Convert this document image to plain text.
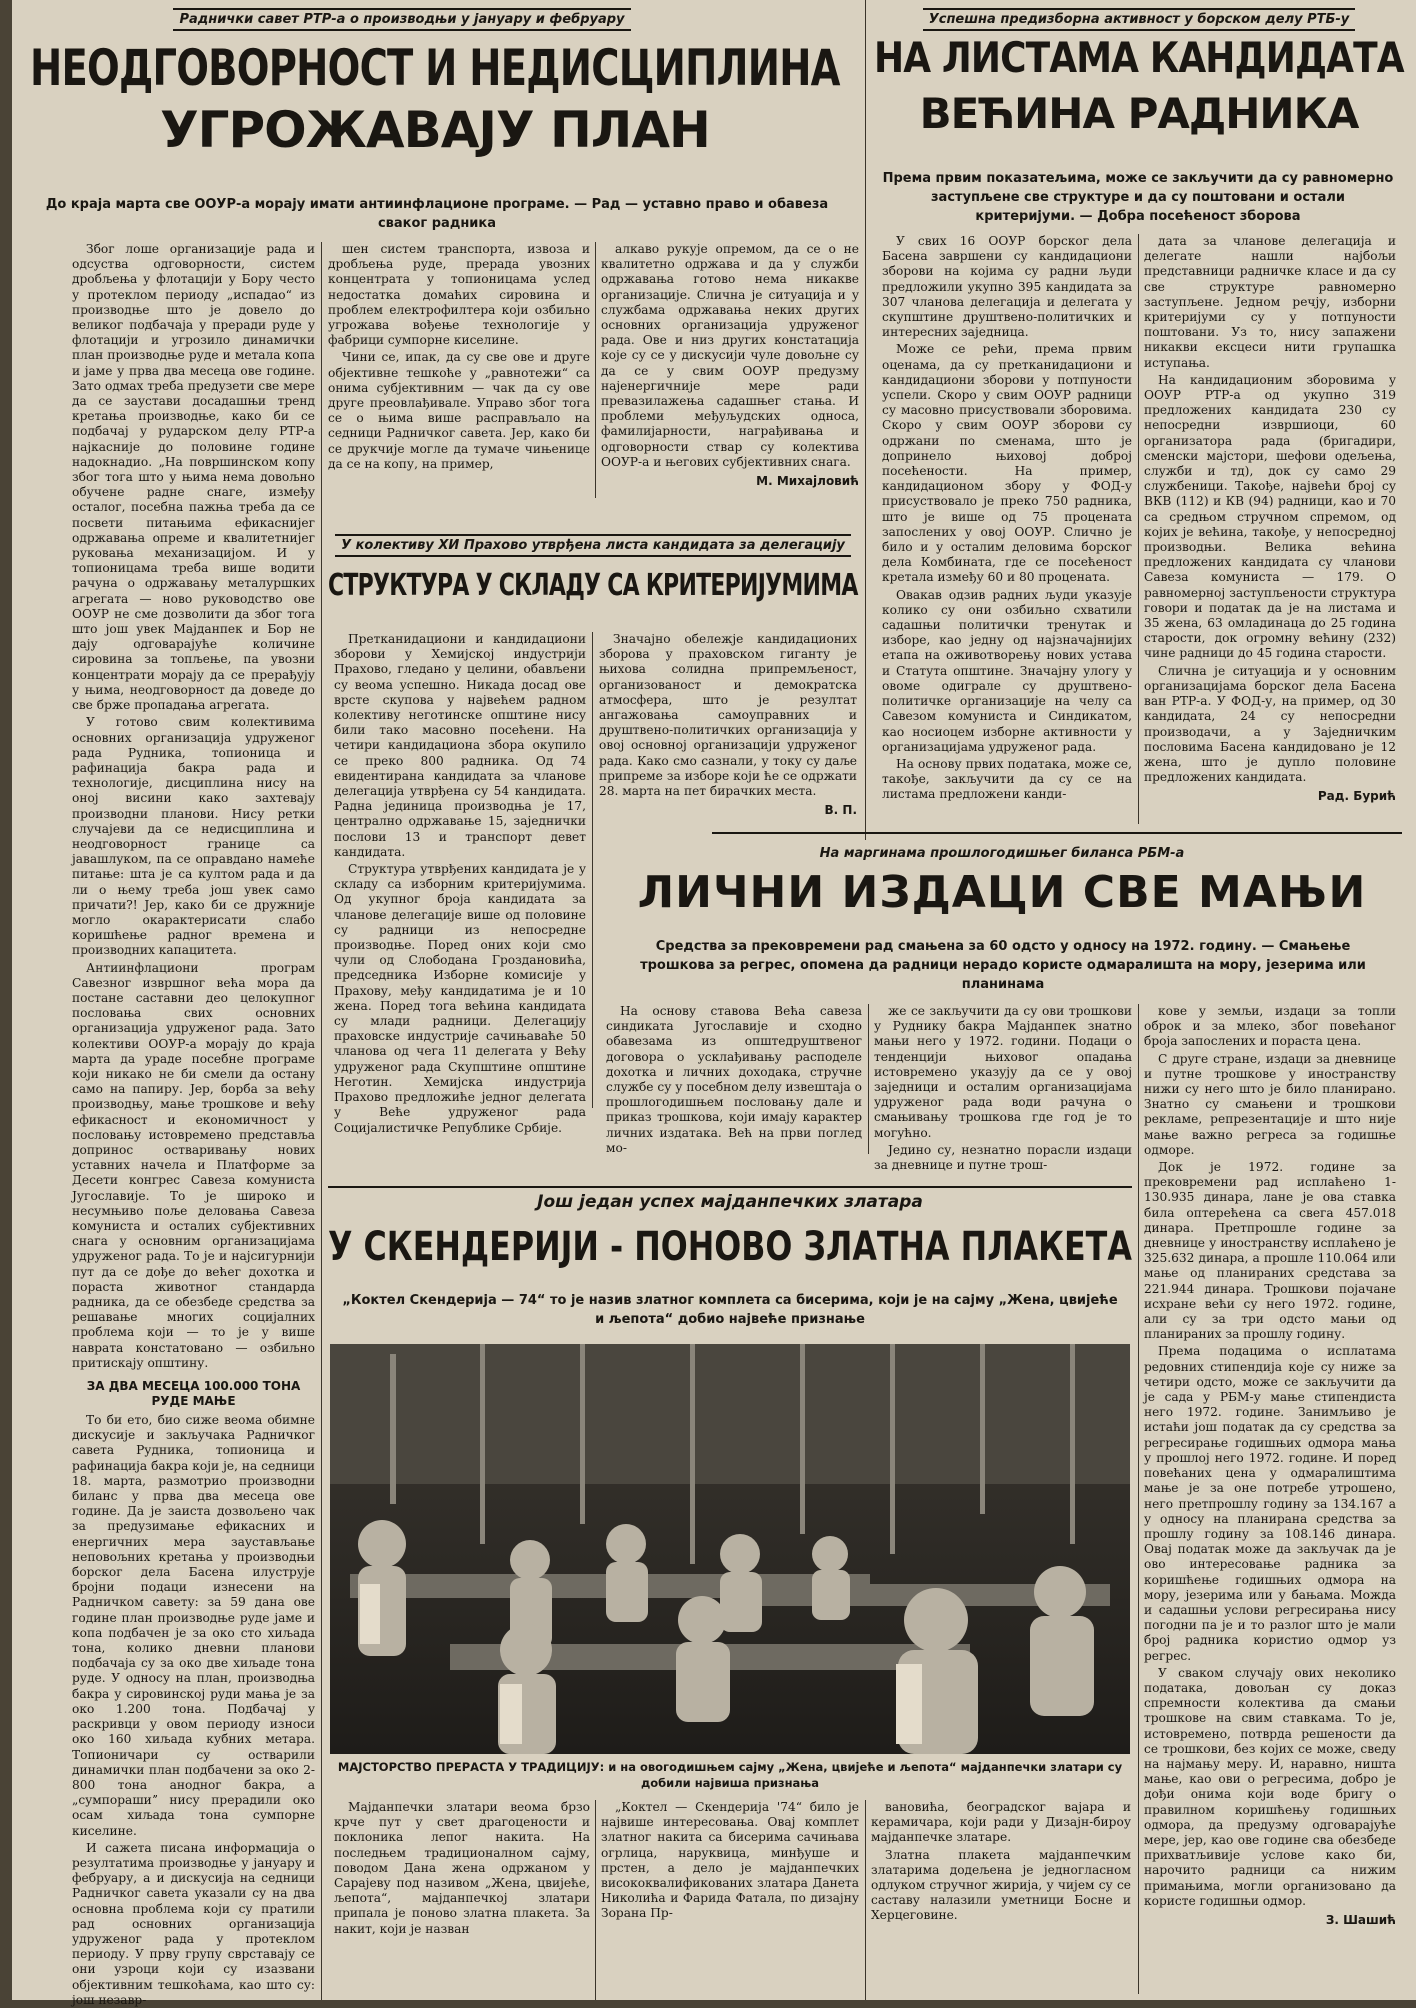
Раднички савет РТР-а о производњи у јануару и фебруару
НЕОДГОВОРНОСТ И НЕДИСЦИПЛИНА
УГРОЖАВАЈУ ПЛАН
До краја марта све ООУР-а морају имати антиинфлационе програме. — Рад — уставно право и обавеза сваког радника

Због лоше организације рада и одсуства одговорности, систем дробљења у флотацији у Бору често у протеклом периоду „испадао“ из производње што је довело до великог подбачаја у преради руде у флотацији и угрозило динамички план производње руде и метала копа и јаме у прва два месеца ове године. Зато одмах треба предузети све мере да се заустави досадашњи тренд кретања производње, како би се подбачај у рударском делу РТР-а најкасније до половине године надокнадио. „На површинском копу због тога што у њима нема довољно обучене радне снаге, између осталог, посебна пажња треба да се посвети питањима ефикаснијег одржавања опреме и квалитетнијег руковања механизацијом. И у топионицама треба више водити рачуна о одржавању металуршких агрегата — ново руководство ове ООУР не сме дозволити да због тога што још увек Мајданпек и Бор не дају одговарајуће количине сировина за топљење, па увозни концентрати морају да се прерађују у њима, неодговорност да доведе до све брже пропадања агрегата.

У готово свим колективима основних организација удруженог рада Рудника, топионица и рафинација бакра рада и технологије, дисциплина нису на оној висини како захтевају производни планови. Нису ретки случајеви да се недисциплина и неодговорност границе са јавашлуком, па се оправдано намеће питање: шта је са култом рада и да ли о њему треба још увек само причати?! Јер, како би се дружније могло окарактерисати слабо коришћење радног времена и производних капацитета.

Антиинфлациони програм Савезног извршног већа мора да постане саставни део целокупног пословања свих основних организација удруженог рада. Зато колективи ООУР-а морају до краја марта да ураде посебне програме који никако не би смели да остану само на папиру. Јер, борба за већу производњу, мање трошкове и већу ефикасност и економичност у пословању истовремено представља допринос остваривању нових уставних начела и Платформе за Десети конгрес Савеза комуниста Југославије. То је широко и несумњиво поље деловања Савеза комуниста и осталих субјективних снага у основним организацијама удруженог рада. То је и најсигурнији пут да се дође до већег дохотка и пораста животног стандарда радника, да се обезбеде средства за решавање многих социјалних проблема који — то је у више наврата констатовано — озбиљно притискају општину.

ЗА ДВА МЕСЕЦА 100.000 ТОНА РУДЕ МАЊЕ

То би ето, био сиже веома обимне дискусије и закључака Радничког савета Рудника, топионица и рафинација бакра који је, на седници 18. марта, размотрио производни биланс у прва два месеца ове године. Да је заиста дозвољено чак за предузимање ефикасних и енергичних мера заустављање неповољних кретања у производњи борског дела Басена илуструје бројни подаци изнесени на Радничком савету: за 59 дана ове године план производње руде јаме и копа подбачен је за око сто хиљада тона, колико дневни планови подбачаја су за око две хиљаде тона руде. У односу на план, производња бакра у сировинској руди мања је за око 1.200 тона. Подбачај у раскривци у овом периоду износи око 160 хиљада кубних метара. Топионичари су остварили динамички план подбачени за око 2-800 тона анодног бакра, а „сумпорашиˮ нису прерадили око осам хиљада тона сумпорне киселине.

И сажета писана информација о резултатима производње у јануару и фебруару, а и дискусија на седници Радничког савета указали су на два основна проблема који су пратили рад основних организација удруженог рада у протеклом периоду. У прву групу сврставају се они узроци који су изазвани објективним тешкоћама, као што су: још незавр-

шен систем транспорта, извоза и дробљења руде, прерада увозних концентрата у топионицама услед недостатка домаћих сировина и проблем електрофилтера који озбиљно угрожава вођење технологије у фабрици сумпорне киселине.

Чини се, ипак, да су све ове и друге објективне тешкоће у „равнотежи“ са онима субјективним — чак да су ове друге преовлађивале. Управо због тога се о њима више расправљало на седници Радничког савета. Јер, како би се друкчије могле да тумаче чињенице да се на копу, на пример,

алкаво рукује опремом, да се о не квалитетно одржава и да у служби одржавања готово нема никакве организације. Слична је ситуација и у службама одржавања неких других основних организација удруженог рада. Ове и низ других констатација које су се у дискусији чуле довољне су да се у свим ООУР предузму најенергичније мере ради превазилажења садашњег стања. И проблеми међуљудских односа, фамилијарности, награђивања и одговорности ствар су колектива ООУР-а и његових субјективних снага.

М. Михајловић
У колективу ХИ Прахово утврђена листа кандидата за делегацију
СТРУКТУРА У СКЛАДУ СА КРИТЕРИЈУМИМА

Претканидациони и кандидациони зборови у Хемијској индустрији Прахово, гледано у целини, обављени су веома успешно. Никада досад ове врсте скупова у највећем радном колективу неготинске општине нису били тако масовно посећени. На четири кандидациона збора окупило се преко 800 радника. Од 74 евидентирана кандидата за чланове делегација утврђена су 54 кандидата. Радна јединица производња је 17, централно одржавање 15, заједнички послови 13 и транспорт девет кандидата.

Структура утврђених кандидата је у складу са изборним критеријумима. Од укупног броја кандидата за чланове делегације више од половине су радници из непосредне производње. Поред оних који смо чули од Слободана Гроздановића, председника Изборне комисије у Прахову, међу кандидатима је и 10 жена. Поред тога већина кандидата су млади радници. Делегацију праховске индустрије сачињаваће 50 чланова од чега 11 делегата у Већу удруженог рада Скупштине општине Неготин. Хемијска индустрија Прахово предложиће једног делегата у Веће удруженог рада Социјалистичке Републике Србије.

Значајно обележје кандидационих зборова у праховском гиганту је њихова солидна припремљеност, организованост и демократска атмосфера, што је резултат ангажовања самоуправних и друштвено-политичких организација у овој основној организацији удруженог рада. Како смо сазнали, у току су даље припреме за изборе који ће се одржати 28. марта на пет бирачких места.

В. П.
Успешна предизборна активност у борском делу РТБ-у
НА ЛИСТАМА КАНДИДАТА
ВЕЋИНА РАДНИКА
Према првим показатељима, може се закључити да су равномерно заступљене све структуре и да су поштовани и остали критеријуми. — Добра посећеност зборова

У свих 16 ООУР борског дела Басена завршени су кандидациони зборови на којима су радни људи предложили укупно 395 кандидата за 307 чланова делегација и делегата у скупштине друштвено-политичких и интересних заједница.

Може се рећи, према првим оценама, да су претканидациони и кандидациони зборови у потпуности успели. Скоро у свим ООУР радници су масовно присуствовали зборовима. Скоро у свим ООУР зборови су одржани по сменама, што је допринело њиховој доброј посећености. На пример, кандидационом збору у ФОД-у присуствовало је преко 750 радника, што је више од 75 процената запослених у овој ООУР. Слично је било и у осталим деловима борског дела Комбината, где се посећеност кретала између 60 и 80 процената.

Овакав одзив радних људи указује колико су они озбиљно схватили садашњи политички тренутак и изборе, као једну од најзначајнијих етапа на оживотворењу нових устава и Статута општине. Значајну улогу у овоме одиграле су друштвено-политичке организације на челу са Савезом комуниста и Синдикатом, као носиоцем изборне активности у организацијама удруженог рада.

На основу првих података, може се, такође, закључити да су се на листама предложени канди-

дата за чланове делегација и делегате нашли најбољи представници радничке класе и да су све структуре равномерно заступљене. Једном речју, изборни критеријуми су у потпуности поштовани. Уз то, нису запажени никакви ексцеси нити групашка иступања.

На кандидационим зборовима у ООУР РТР-а од укупно 319 предложених кандидата 230 су непосредни извршиоци, 60 организатора рада (бригадири, сменски мајстори, шефови одељења, служби и тд), док су само 29 службеници. Такође, највећи број су ВКВ (112) и КВ (94) радници, као и 70 са средњом стручном спремом, од којих је већина, такође, у непосредној производњи. Велика већина предложених кандидата су чланови Савеза комуниста — 179. О равномерној заступљености структура говори и податак да је на листама и 35 жена, 63 омладинаца до 25 година старости, док огромну већину (232) чине радници до 45 година старости.

Слична је ситуација и у основним организацијама борског дела Басена ван РТР-а. У ФОД-у, на пример, од 30 кандидата, 24 су непосредни производачи, а у Заједничким пословима Басена кандидовано је 12 жена, што је дупло половине предложених кандидата.

Рад. Бурић
На маргинама прошлогодишњег биланса РБМ-а
ЛИЧНИ ИЗДАЦИ СВЕ МАЊИ
Средства за прековремени рад смањена за 60 одсто у односу на 1972. годину. — Смањење трошкова за регрес, опомена да радници нерадо користе одмаралишта на мору, језерима или планинама

На основу ставова Већа савеза синдиката Југославије и сходно обавезама из општедруштвеног договора о усклађивању расподеле дохотка и личних доходака, стручне службе су у посебном делу извештаја о прошлогодишњем пословању дале и приказ трошкова, који имају карактер личних издатака. Већ на први поглед мо-

же се закључити да су ови трошкови у Руднику бакра Мајданпек знатно мањи него у 1972. години. Подаци о тенденцији њиховог опадања истовремено указују да се у овој заједници и осталим организацијама удруженог рада води рачуна о смањивању трошкова где год је то могућно.

Једино су, незнатно порасли издаци за дневнице и путне трош-

кове у земљи, издаци за топли оброк и за млеко, због повећаног броја запослених и пораста цена.

С друге стране, издаци за дневнице и путне трошкове у иностранству нижи су него што је било планирано. Знатно су смањени и трошкови рекламе, репрезентације и што није мање важно регреса за годишње одморе.

Док је 1972. године за прековремени рад исплаћено 1-130.935 динара, лане је ова ставка била оптерећена са свега 457.018 динара. Претпрошле године за дневнице у иностранству исплаћено је 325.632 динара, а прошле 110.064 или мање од планираних средстава за 221.944 динара. Трошкови појачане исхране већи су него 1972. године, али су за три одсто мањи од планираних за прошлу годину.

Према подацима о исплатама редовних стипендија које су ниже за четири одсто, може се закључити да је сада у РБМ-у мање стипендиста него 1972. године. Занимљиво је истаћи још податак да су средства за регресирање годишњих одмора мања у прошлој него 1972. године. И поред повећаних цена у одмаралиштима мање је за оне потребе утрошено, него претпрошлу годину за 134.167 а у односу на планирана средства за прошлу годину за 108.146 динара. Овај податак може да закључак да је ово интересовање радника за коришћење годишњих одмора на мору, језерима или у бањама. Можда и садашњи услови регресирања нису погодни па је и то разлог што је мали број радника користио одмор уз регрес.

У сваком случају ових неколико података, довољан су доказ спремности колектива да смањи трошкове на свим ставкама. То је, истовремено, потврда решености да се трошкови, без којих се може, сведу на најмању меру. И, наравно, ништа мање, као ови о регресима, добро је дођи онима који воде бригу о правилном коришћењу годишњих одмора, да предузму одговарајуће мере, јер, као ове године сва обезбеде прихватљивије услове како би, нарочито радници са нижим примањима, могли организовано да користе годишњи одмор.

З. Шашић
Још један успех мајданпечких златара
У СКЕНДЕРИЈИ - ПОНОВО ЗЛАТНА ПЛАКЕТА
„Коктел Скендерија — 74“ то је назив златног комплета са бисерима, који је на сајму „Жена, цвијеће и љепота“ добио највеће признање
МАЈСТОРСТВО ПРЕРАСТА У ТРАДИЦИЈУ: и на овогодишњем сајму „Жена, цвијеће и љепота“ мајданпечки златари су добили највиша признања

Мајданпечки златари веома брзо крче пут у свет драгоцености и поклоника лепог накита. На последњем традиционалном сајму, поводом Дана жена одржаном у Сарајеву под називом „Жена, цвијеће, љепота“, мајданпечкој златари припала је поново златна плакета. За накит, који је назван

„Коктел — Скендерија '74“ било је највише интересовања. Овај комплет златног накита са бисерима сачињава огрлица, наруквица, минђуше и прстен, а дело је мајданпечких висококвалификованих златара Данета Николића и Фарида Фатала, по дизајну Зорана Пр-

вановића, београдског вајара и керамичара, који ради у Дизајн-бироу мајданпечке златаре.

Златна плакета мајданпечким златарима додељена је једногласном одлуком стручног жирија, у чијем су се саставу налазили уметници Босне и Херцеговине.
